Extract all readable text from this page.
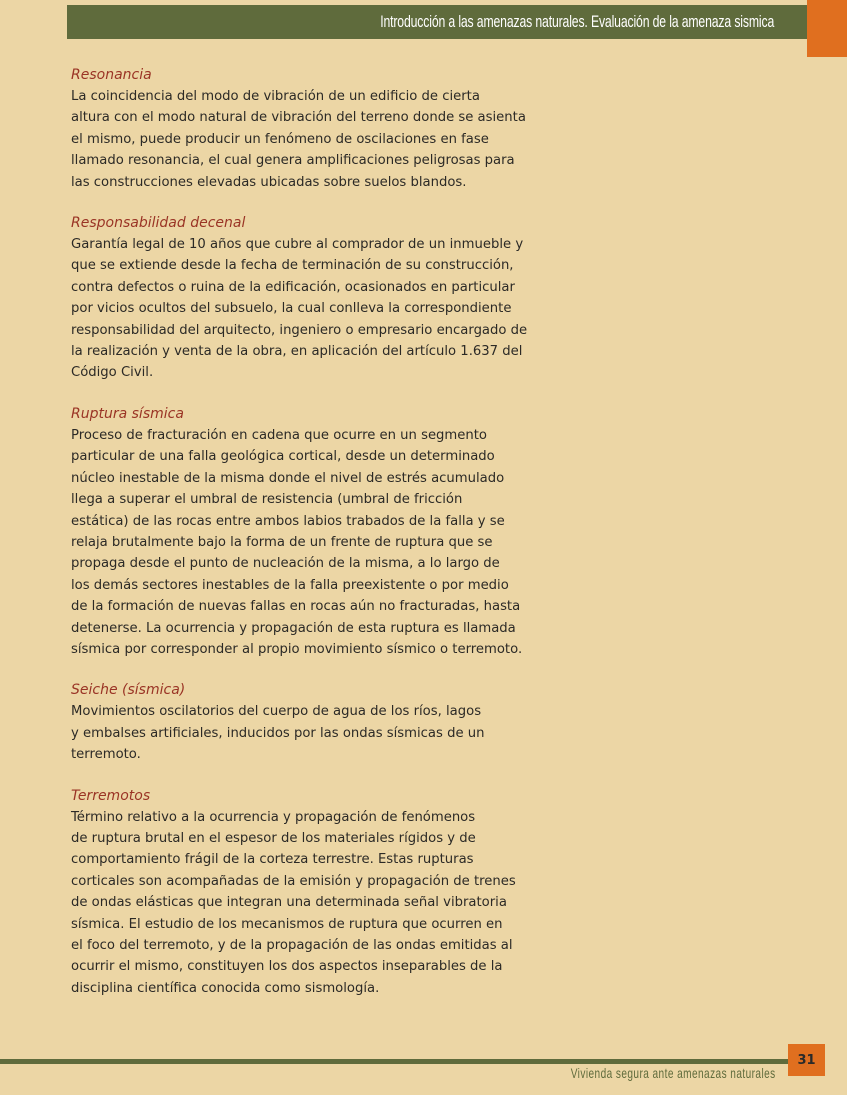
Introducción a las amenazas naturales. Evaluación de la amenaza sismica

Resonancia

La coincidencia del modo de vibración de un edificio de cierta
altura con el modo natural de vibración del terreno donde se asienta
el mismo, puede producir un fenómeno de oscilaciones en fase
llamado resonancia, el cual genera amplificaciones peligrosas para
las construcciones elevadas ubicadas sobre suelos blandos.

Responsabilidad decenal

Garantía legal de 10 años que cubre al comprador de un inmueble y
que se extiende desde la fecha de terminación de su construcción,
contra defectos o ruina de la edificación, ocasionados en particular
por vicios ocultos del subsuelo, la cual conlleva la correspondiente
responsabilidad del arquitecto, ingeniero o empresario encargado de
la realización y venta de la obra, en aplicación del artículo 1.637 del
Código Civil.

Ruptura sísmica

Proceso de fracturación en cadena que ocurre en un segmento
particular de una falla geológica cortical, desde un determinado
núcleo inestable de la misma donde el nivel de estrés acumulado
llega a superar el umbral de resistencia (umbral de fricción
estática) de las rocas entre ambos labios trabados de la falla y se
relaja brutalmente bajo la forma de un frente de ruptura que se
propaga desde el punto de nucleación de la misma, a lo largo de
los demás sectores inestables de la falla preexistente o por medio
de la formación de nuevas fallas en rocas aún no fracturadas, hasta
detenerse. La ocurrencia y propagación de esta ruptura es llamada
sísmica por corresponder al propio movimiento sísmico o terremoto.

Seiche (sísmica)

Movimientos oscilatorios del cuerpo de agua de los ríos, lagos
y embalses artificiales, inducidos por las ondas sísmicas de un
terremoto.

Terremotos

Término relativo a la ocurrencia y propagación de fenómenos
de ruptura brutal en el espesor de los materiales rígidos y de
comportamiento frágil de la corteza terrestre. Estas rupturas
corticales son acompañadas de la emisión y propagación de trenes
de ondas elásticas que integran una determinada señal vibratoria
sísmica. El estudio de los mecanismos de ruptura que ocurren en
el foco del terremoto, y de la propagación de las ondas emitidas al
ocurrir el mismo, constituyen los dos aspectos inseparables de la
disciplina científica conocida como sismología.

Vivienda segura ante amenazas naturales
31
